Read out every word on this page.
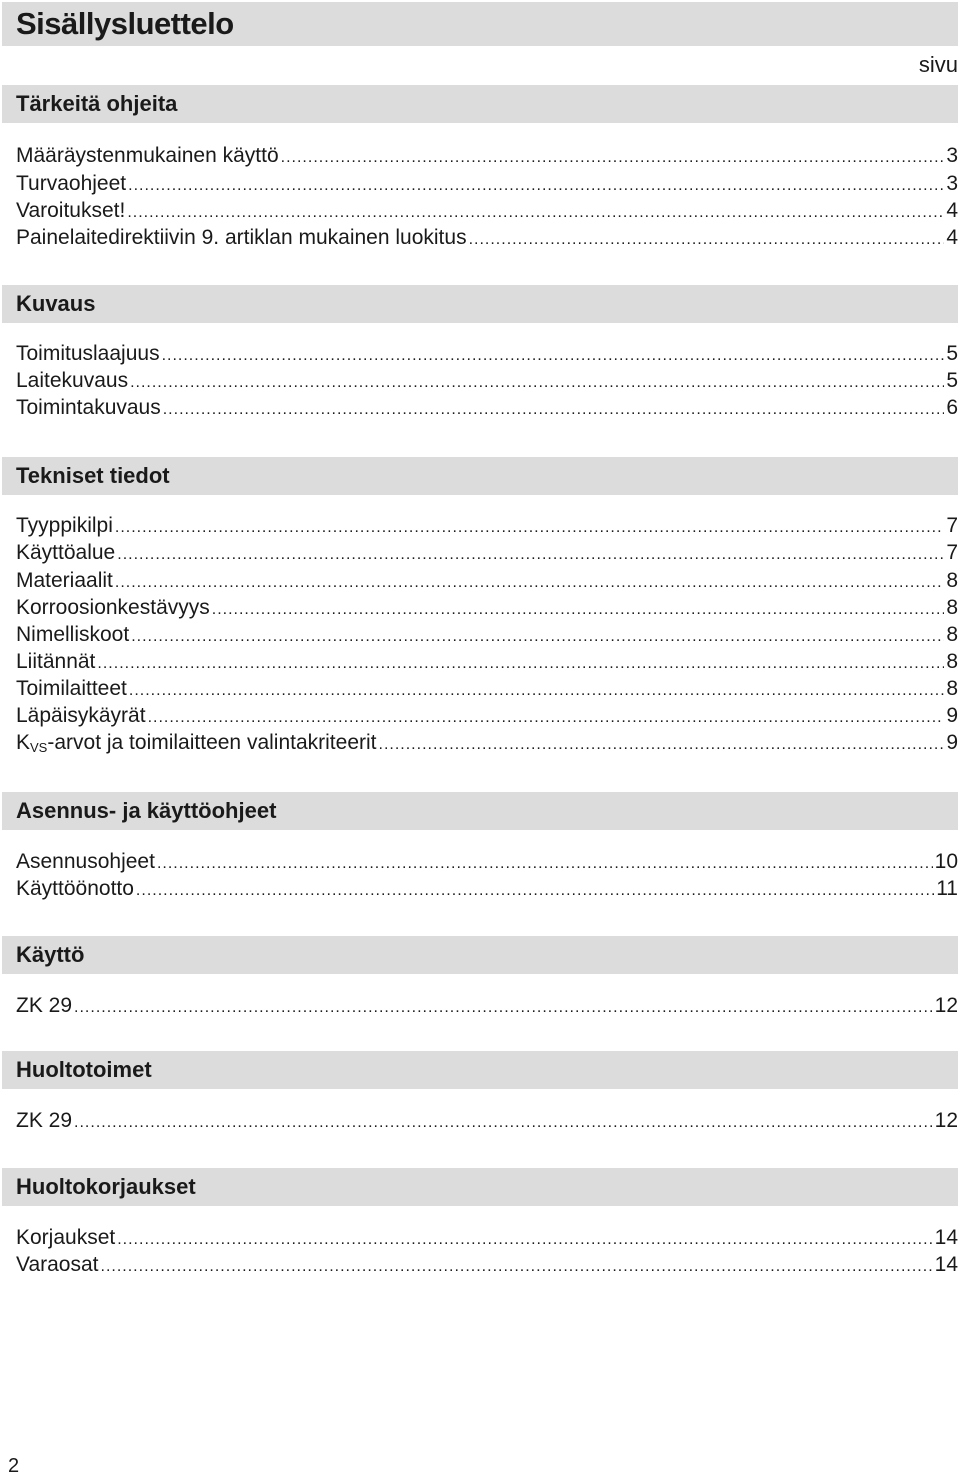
Sisällysluettelo
sivu
Tärkeitä ohjeita
Määräystenmukainen käyttö .....	3
Turvaohjeet .....	3
Varoitukset! .....	4
Painelaitedirektiivin 9. artiklan mukainen luokitus .....	4
Kuvaus
Toimituslaajuus .....	5
Laitekuvaus .....	5
Toimintakuvaus .....	6
Tekniset tiedot
Tyyppikilpi .....	7
Käyttöalue .....	7
Materiaalit .....	8
Korroosionkestävyys .....	8
Nimelliskoot .....	8
Liitännät .....	8
Toimilaitteet .....	8
Läpäisykäyrät .....	9
$K_{VS}$-arvot ja toimilaitteen valintakriteerit .....	9
Asennus- ja käyttöohjeet
Asennusohjeet .....	10
Käyttöönotto .....	11
Käyttö
ZK 29 .....	12
Huoltotoimet
ZK 29 .....	12
Huoltokorjaukset
Korjaukset .....	14
Varaosat .....	14
2
